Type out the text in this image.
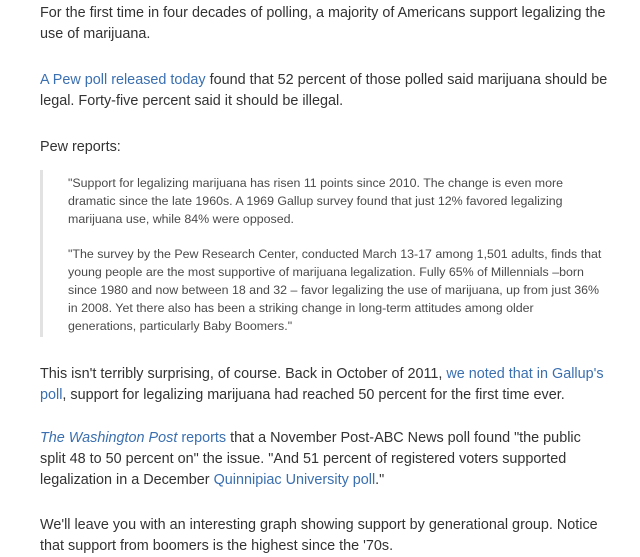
For the first time in four decades of polling, a majority of Americans support legalizing the use of marijuana.

A Pew poll released today found that 52 percent of those polled said marijuana should be legal. Forty-five percent said it should be illegal.

Pew reports:

"Support for legalizing marijuana has risen 11 points since 2010. The change is even more dramatic since the late 1960s. A 1969 Gallup survey found that just 12% favored legalizing marijuana use, while 84% were opposed.

"The survey by the Pew Research Center, conducted March 13-17 among 1,501 adults, finds that young people are the most supportive of marijuana legalization. Fully 65% of Millennials –born since 1980 and now between 18 and 32 – favor legalizing the use of marijuana, up from just 36% in 2008. Yet there also has been a striking change in long-term attitudes among older generations, particularly Baby Boomers."

This isn't terribly surprising, of course. Back in October of 2011, we noted that in Gallup's poll, support for legalizing marijuana had reached 50 percent for the first time ever.

The Washington Post reports that a November Post-ABC News poll found "the public split 48 to 50 percent on" the issue. "And 51 percent of registered voters supported legalization in a December Quinnipiac University poll."

We'll leave you with an interesting graph showing support by generational group. Notice that support from boomers is the highest since the '70s.
